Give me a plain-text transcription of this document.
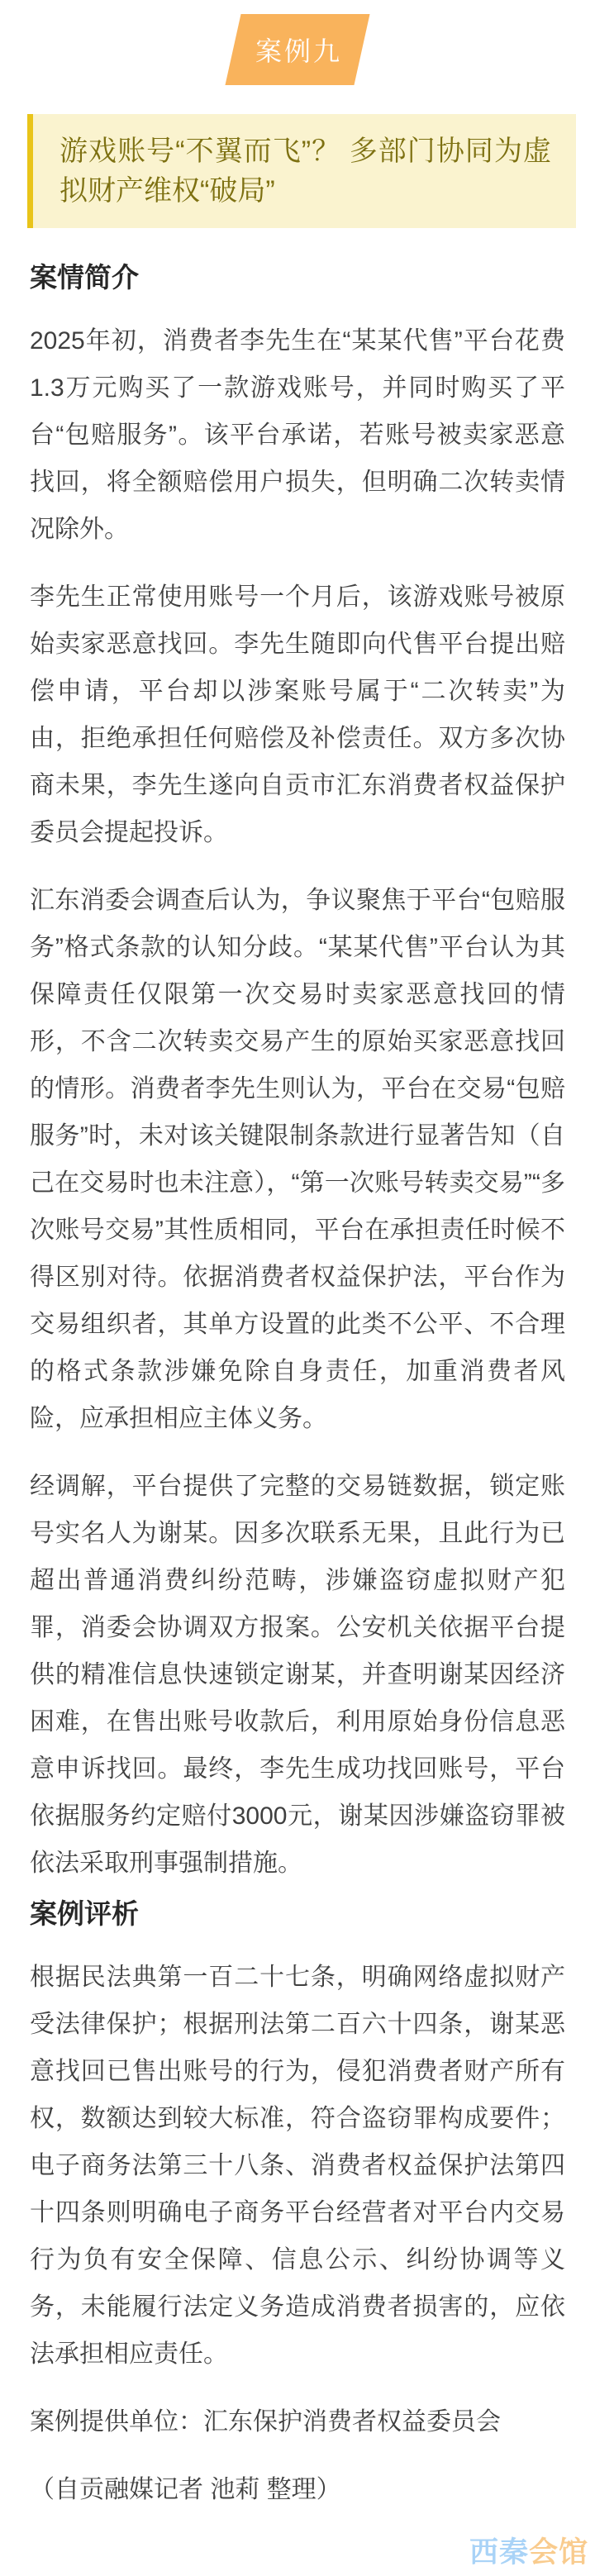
案例九
游戏账号“不翼而飞”？ 多部门协同为虚拟财产维权“破局”
案情简介

2025年初，消费者李先生在“某某代售”平台花费1.3万元购买了一款游戏账号，并同时购买了平台“包赔服务”。该平台承诺，若账号被卖家恶意找回，将全额赔偿用户损失，但明确二次转卖情况除外。

李先生正常使用账号一个月后，该游戏账号被原始卖家恶意找回。李先生随即向代售平台提出赔偿申请，平台却以涉案账号属于“二次转卖”为由，拒绝承担任何赔偿及补偿责任。双方多次协商未果，李先生遂向自贡市汇东消费者权益保护委员会提起投诉。

汇东消委会调查后认为，争议聚焦于平台“包赔服务”格式条款的认知分歧。“某某代售”平台认为其保障责任仅限第一次交易时卖家恶意找回的情形，不含二次转卖交易产生的原始买家恶意找回的情形。消费者李先生则认为，平台在交易“包赔服务”时，未对该关键限制条款进行显著告知（自己在交易时也未注意），“第一次账号转卖交易”“多次账号交易”其性质相同，平台在承担责任时候不得区别对待。依据消费者权益保护法，平台作为交易组织者，其单方设置的此类不公平、不合理的格式条款涉嫌免除自身责任，加重消费者风险，应承担相应主体义务。

经调解，平台提供了完整的交易链数据，锁定账号实名人为谢某。因多次联系无果，且此行为已超出普通消费纠纷范畴，涉嫌盗窃虚拟财产犯罪，消委会协调双方报案。公安机关依据平台提供的精准信息快速锁定谢某，并查明谢某因经济困难，在售出账号收款后，利用原始身份信息恶意申诉找回。最终，李先生成功找回账号，平台依据服务约定赔付3000元，谢某因涉嫌盗窃罪被依法采取刑事强制措施。

案例评析

根据民法典第一百二十七条，明确网络虚拟财产受法律保护；根据刑法第二百六十四条，谢某恶意找回已售出账号的行为，侵犯消费者财产所有权，数额达到较大标准，符合盗窃罪构成要件；电子商务法第三十八条、消费者权益保护法第四十四条则明确电子商务平台经营者对平台内交易行为负有安全保障、信息公示、纠纷协调等义务，未能履行法定义务造成消费者损害的，应依法承担相应责任。

案例提供单位：汇东保护消费者权益委员会

（自贡融媒记者 池莉 整理）

西秦会馆
